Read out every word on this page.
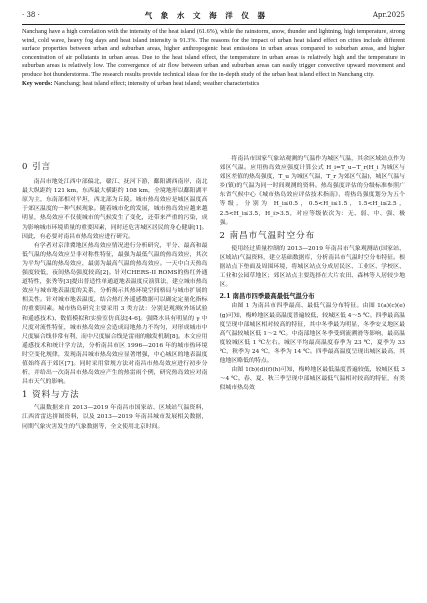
· 38 ·	气 象 水 文 海 洋 仪 器	Apr.2025

Nanchang have a high correlation with the intensity of the heat island (61.6%), while the rainstorm, snow, thunder and lightning, high temperature, strong wind, cold wave, heavy fog days and heat island intensity is 91.3%. The reasons for the impact of urban heat island effect on cities include different surface properties between urban and suburban areas, higher anthropogenic heat emissions in urban areas compared to suburban areas, and higher concentration of air pollutants in urban areas. Due to the heat island effect, the temperature in urban areas is relatively high and the temperature in suburban areas is relatively low. The convergence of air flow between urban and suburban areas can easily trigger convective upward movement and produce hot thunderstorms. The research results provide technical ideas for the in-depth study of the urban heat island effect in Nanchang city.

Key words: Nanchang; heat island effect; intensity of urban heat island; weather characteristics

0 引言

南昌市地处江西中部偏北，赣江、抚河下游，鄱阳湖西南岸，南北最大纵距约 121 km，东西最大横距约 108 km，全境地形以鄱阳湖平原为主，东南部相对平坦，西北部为丘陵。城市热岛效应是城区温度高于郊区温度的一种气候现象。随着城市化的发展，城市热岛效应越来越明显，热岛效应不仅使城市的气候发生了变化，还带来严重的污染，成为影响城市环境质量的重要因素，同时还危害城区居民的身心健康[1]。因此，有必要对南昌市热岛效应进行研究。

有学者对京津冀地区热岛效应情况进行分析研究，平分、最高和最低气温的热岛效应呈非对称性特征，最强为最低气温的热岛效应，其次为平均气温的热岛效应，最弱为最高气温的热岛效应。一天中白天热岛强度较低，夜间热岛强度较高[2]。针对CHERS-II ROMS的热红外通道特性，张秀等[3]提出普适性单通道地表温度反演算法，建立城市热岛效应与城市地表温度的关系，分析揭示其热环境空间格局与城市扩展的相关性。针对城市地表温度，结合热红外遥感数据可以确定定量化指标的重要因素。城市热岛研究主要采用 3 类方法：分别是观测(外场试验和遥感技术)、数值模拟和实验室仿真法[4-6]。强降水具有明显的 γ 中尺度对流性特征，城市热岛效应会造成局地热力不均匀，对形成城市中尺度辐合线非常有利，而中尺度辐合线是雷雨的触发机制[8]。本文应用遥感技术和统计学方法，分析南昌市区 1996—2016 年的城市热环境时空变化规律，发现南昌城市热岛效应显著增强，中心城区的地表温度值始终高于郊区[7]。同时采用常规方法对南昌市热岛效应进行初步分析，并给出一次南昌市热岛效应产生的热雷雨个例，研究热岛效应对南昌市天气的影响。

1 资料与方法

气温数据来自 2013—2019 年南昌市国家站、区域站气温资料，江西省雷达拼图资料，以及 2013—2019 年南昌城市发展相关数据，同期气象灾害发生的气象数据等，全文使用北京时间。

将南昌市国家气象站观测的气温作为城区气温，其余区域站点作为郊区气温。应用热岛效应强度计算公式 H_i=T_u−T_r(H_i 为城区与郊区差值的热岛强度，T_u 为城区气温，T_r 为郊区气温)，城区气温与乡(镇)的气温为同一时间观测的资料。热岛强度评估的分级标准参照广东省气候中心《城市热岛效应评估技术指南》，将热岛强度划分为五个等级，分别为 H_i≤0.5，0.5<H_i≤1.5，1.5<H_i≤2.5，2.5<H_i≤3.5，H_i>3.5，对应等级依次为：无、弱、中、强、极强。

2 南昌市气温时空分布

使用经过质量控制的 2013—2019 年南昌市气象观测站(国家站、区域站)气温资料，建立基础数据库，分析南昌市气温时空分布特征。根据站点下垫面及周围环境，将城区站点分成居民区、工业区、学校区、工业和公园草地区；郊区站点主要选择在大片农田、森林等人居较少地区。

2.1 南昌市四季最高最低气温分布

由图 1 为南昌市四季最高、最低气温分布特征。由图 1(a)(c)(e)(g)可知，梅岭地区最高温度普遍较低，较城区低 4～5 ℃。四季最高温度呈现中部城区相对较高的特征，其中冬季最为明显，冬季安义地区最高气温较城区低 1～2 ℃。中南部地区冬季受到流溯滑等影响，最高温度较城区低 1 ℃左右。城区平均最高温度春季为 23 ℃，夏季为 33 ℃，秋季为 24 ℃，冬季为 14 ℃。四季最高温度呈现出城区最高，其他地区略低的特点。

由图 1(b)(d)(f)(h)可知，梅岭地区最低温度普遍较低，较城区低 3～4 ℃。春、夏、秋三季呈现中部城区最低气温相对较高的特征，有类似城市热岛效
